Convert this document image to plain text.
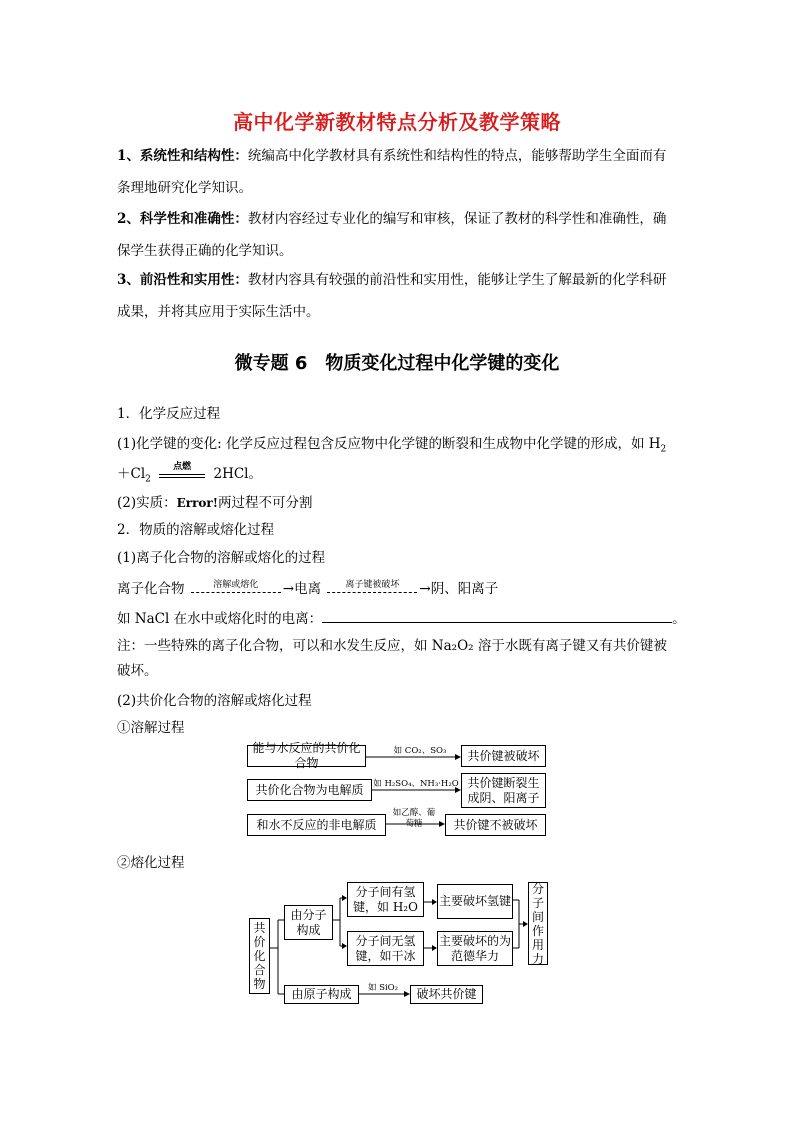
高中化学新教材特点分析及教学策略
1、系统性和结构性：统编高中化学教材具有系统性和结构性的特点，能够帮助学生全面而有条理地研究化学知识。
2、科学性和准确性：教材内容经过专业化的编写和审核，保证了教材的科学性和准确性，确保学生获得正确的化学知识。
3、前沿性和实用性：教材内容具有较强的前沿性和实用性，能够让学生了解最新的化学科研成果，并将其应用于实际生活中。
微专题 6　物质变化过程中化学键的变化
1．化学反应过程
(1)化学键的变化: 化学反应过程包含反应物中化学键的断裂和生成物中化学键的形成，如 $H_2$
$+Cl_2$
点燃	2HCl。
(2)实质：Error!两过程不可分割
2．物质的溶解或熔化过程
(1)离子化合物的溶解或熔化的过程
离子化合物	溶解或熔化	→电离	离子键被破坏	→阴、阳离子
如 NaCl 在水中或熔化时的电离：	。
注：一些特殊的离子化合物，可以和水发生反应，如 Na₂O₂ 溶于水既有离子键又有共价键被破坏。
(2)共价化合物的溶解或熔化过程
①溶解过程
能与水反应的共价化合物
如 CO₂、SO₃	共价键被破坏
共价化合物为电解质	如 H₂SO₄、NH₃·H₂O 共价键断裂生成阴、阳离子
和水不反应的非电解质
如乙醇、葡萄糖	共价键不被破坏
②熔化过程
共价化合物
由分子构成
分子间有氢键，如 H₂O	主要破坏氢键
分子间无氢键，如干冰
主要破坏的为范德华力
分子间作用力
由原子构成	如 SiO₂	破坏共价键
